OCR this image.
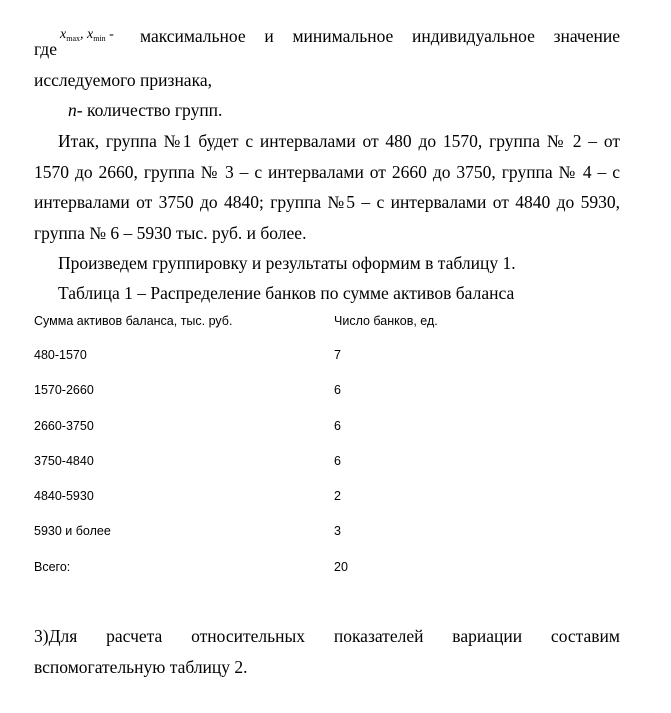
где
$x_{max}$, $x_{min}$ - максимальное и минимальное индивидуальное значение
исследуемого признака,
n- количество групп.
Итак, группа №1 будет с интервалами от 480 до 1570, группа № 2 – от
1570 до 2660, группа № 3 – с интервалами от 2660 до 3750, группа № 4 – с
интервалами от 3750 до 4840; группа №5 – с интервалами от 4840 до 5930,
группа № 6 – 5930 тыс. руб. и более.
Произведем группировку и результаты оформим в таблицу 1.
Таблица 1 – Распределение банков по сумме активов баланса
Сумма активов баланса, тыс. руб.	Число банков, ед.
480-1570	7
1570-2660	6
2660-3750	6
3750-4840	6
4840-5930	2
5930 и более	3
Всего:	20
3)Для расчета относительных показателей вариации составим
вспомогательную таблицу 2.
